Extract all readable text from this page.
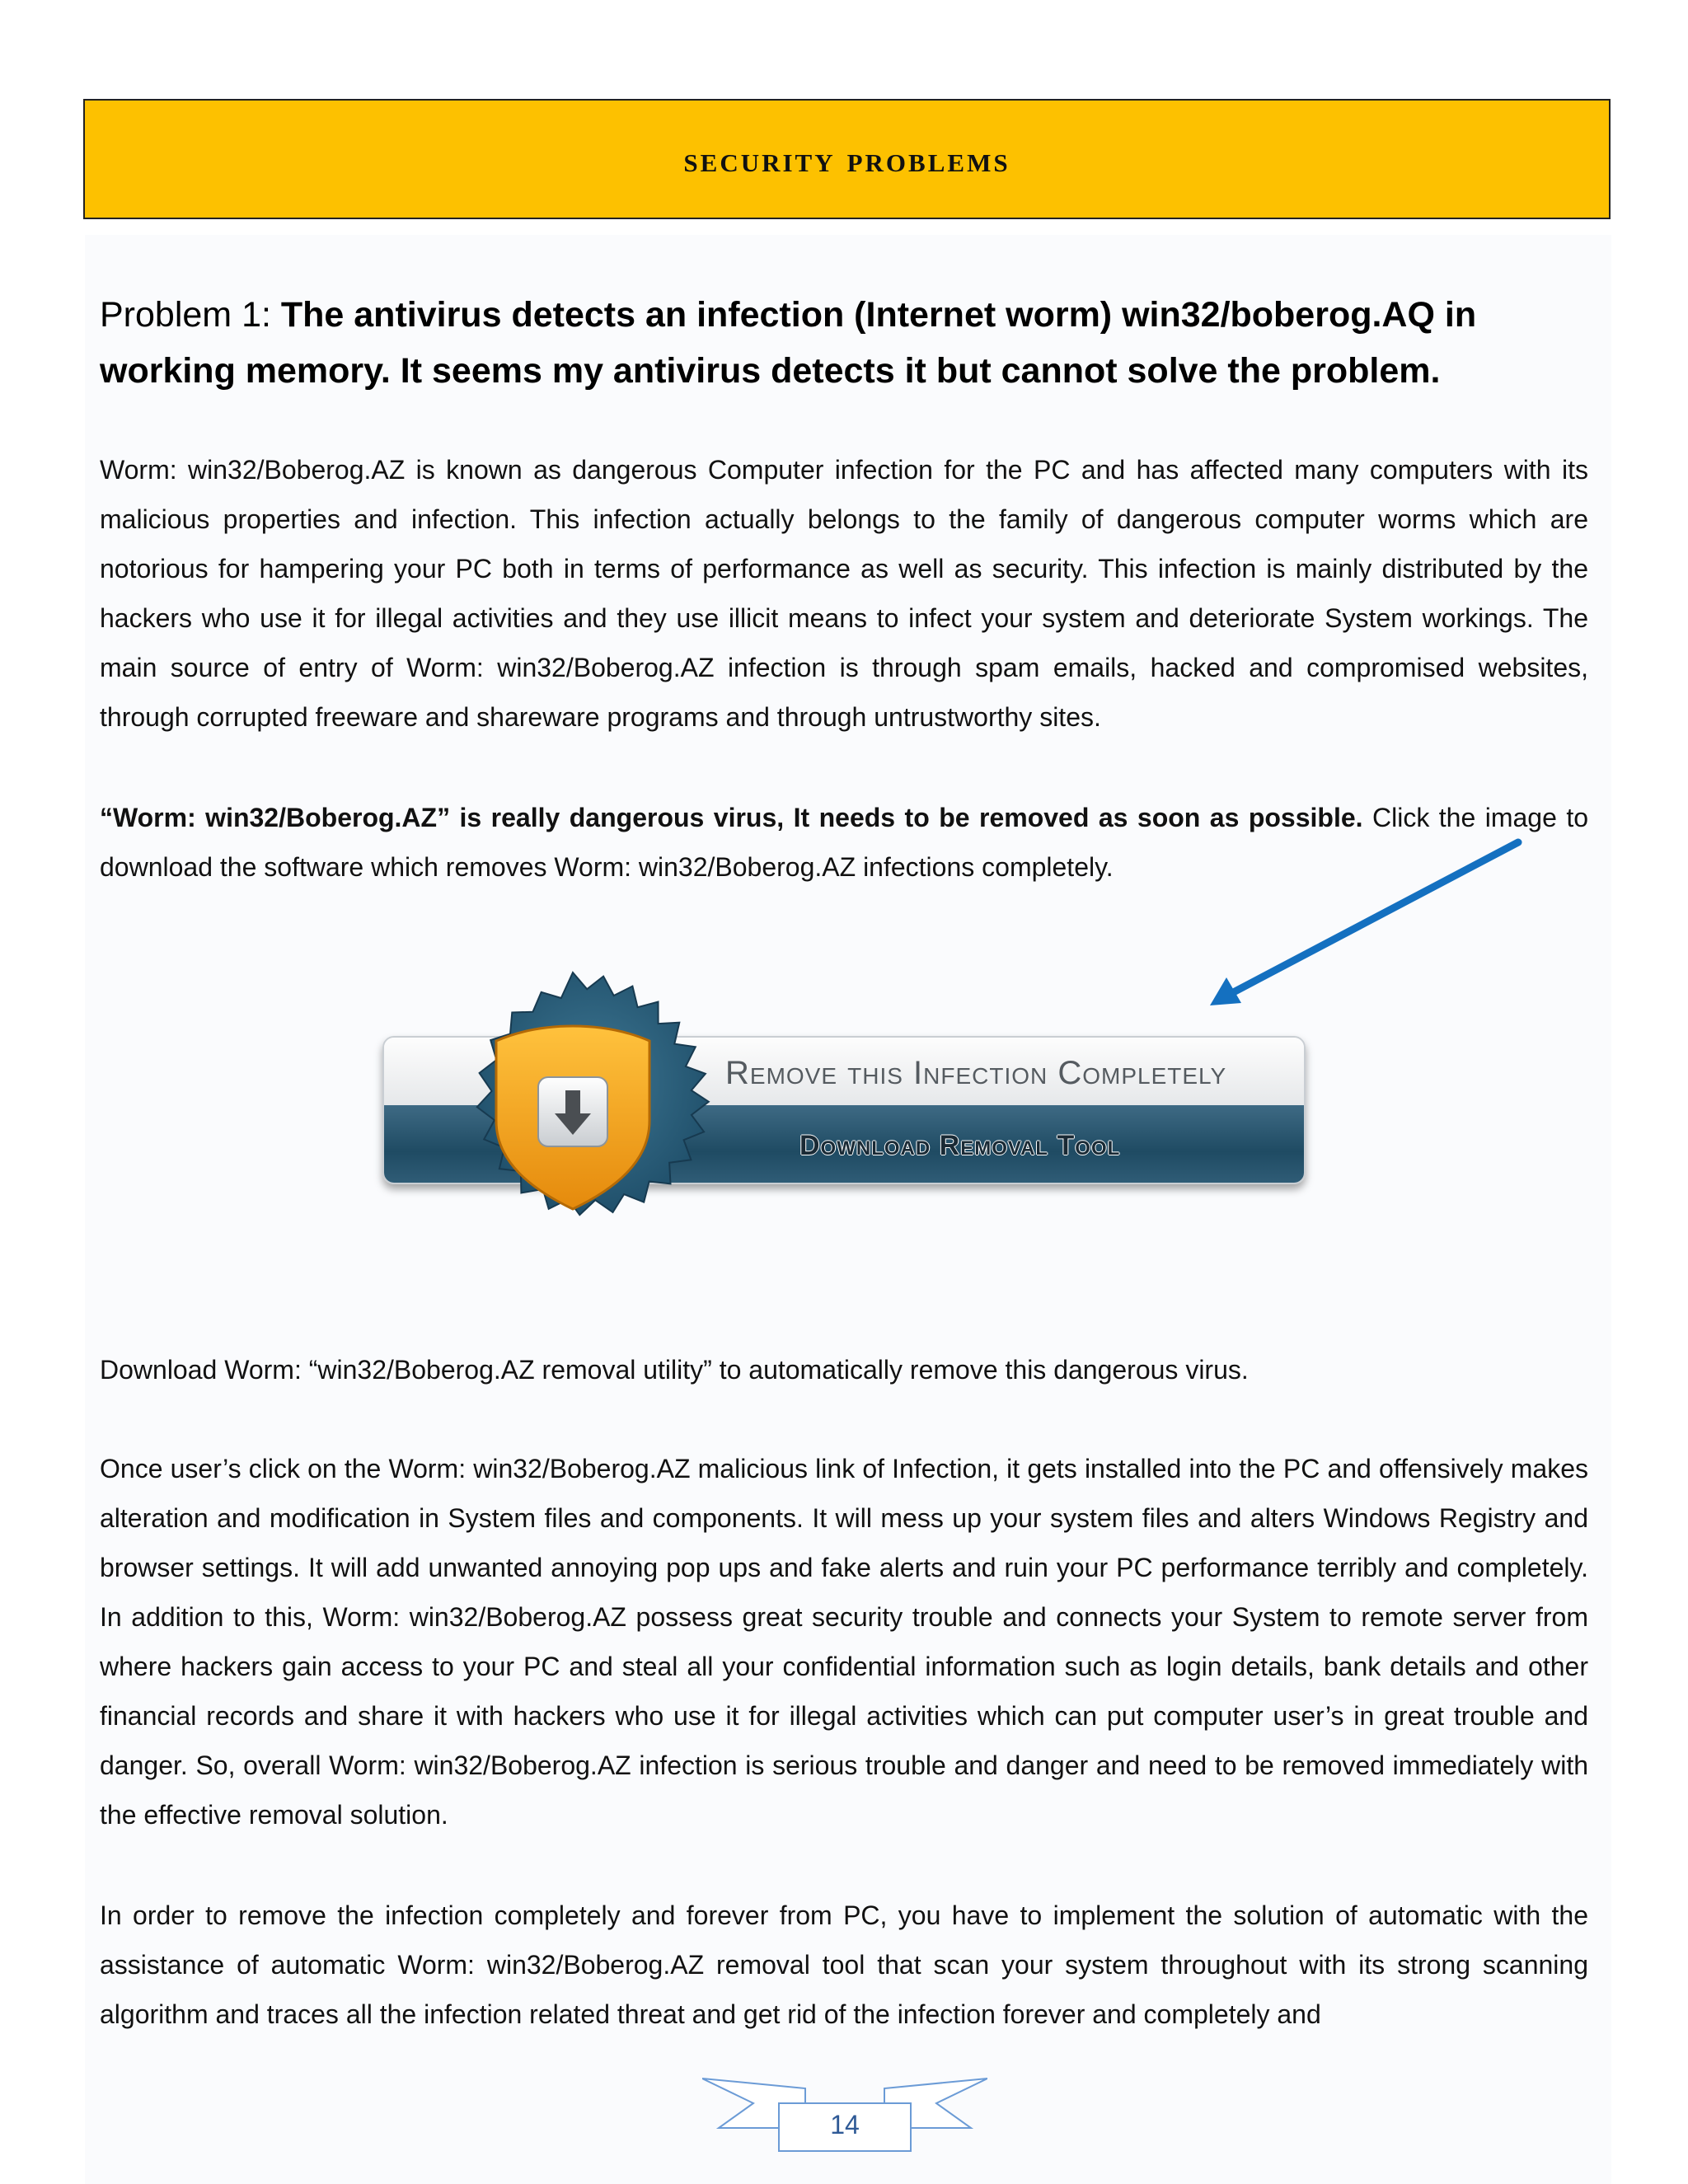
security problems
Problem 1: The antivirus detects an infection (Internet worm) win32/boberog.AQ in working memory. It seems my antivirus detects it but cannot solve the problem.
Worm: win32/Boberog.AZ is known as dangerous Computer infection for the PC and has affected many computers with its malicious properties and infection. This infection actually belongs to the family of dangerous computer worms which are notorious for hampering your PC both in terms of performance as well as security. This infection is mainly distributed by the hackers who use it for illegal activities and they use illicit means to infect your system and deteriorate System workings. The main source of entry of Worm: win32/Boberog.AZ infection is through spam emails, hacked and compromised websites, through corrupted freeware and shareware programs and through untrustworthy sites.
“Worm: win32/Boberog.AZ” is really dangerous virus, It needs to be removed as soon as possible. Click the image to download the software which removes Worm: win32/Boberog.AZ infections completely.
Remove this Infection Completely
Download Removal Tool
Download Worm: “win32/Boberog.AZ removal utility” to automatically remove this dangerous virus.
Once user’s click on the Worm: win32/Boberog.AZ malicious link of Infection, it gets installed into the PC and offensively makes alteration and modification in System files and components. It will mess up your system files and alters Windows Registry and browser settings. It will add unwanted annoying pop ups and fake alerts and ruin your PC performance terribly and completely. In addition to this, Worm: win32/Boberog.AZ possess great security trouble and connects your System to remote server from where hackers gain access to your PC and steal all your confidential information such as login details, bank details and other financial records and share it with hackers who use it for illegal activities which can put computer user’s in great trouble and danger. So, overall Worm: win32/Boberog.AZ infection is serious trouble and danger and need to be removed immediately with the effective removal solution.
In order to remove the infection completely and forever from PC, you have to implement the solution of automatic with the assistance of automatic Worm: win32/Boberog.AZ removal tool that scan your system throughout with its strong scanning algorithm and traces all the infection related threat and get rid of the infection forever and completely and
14
